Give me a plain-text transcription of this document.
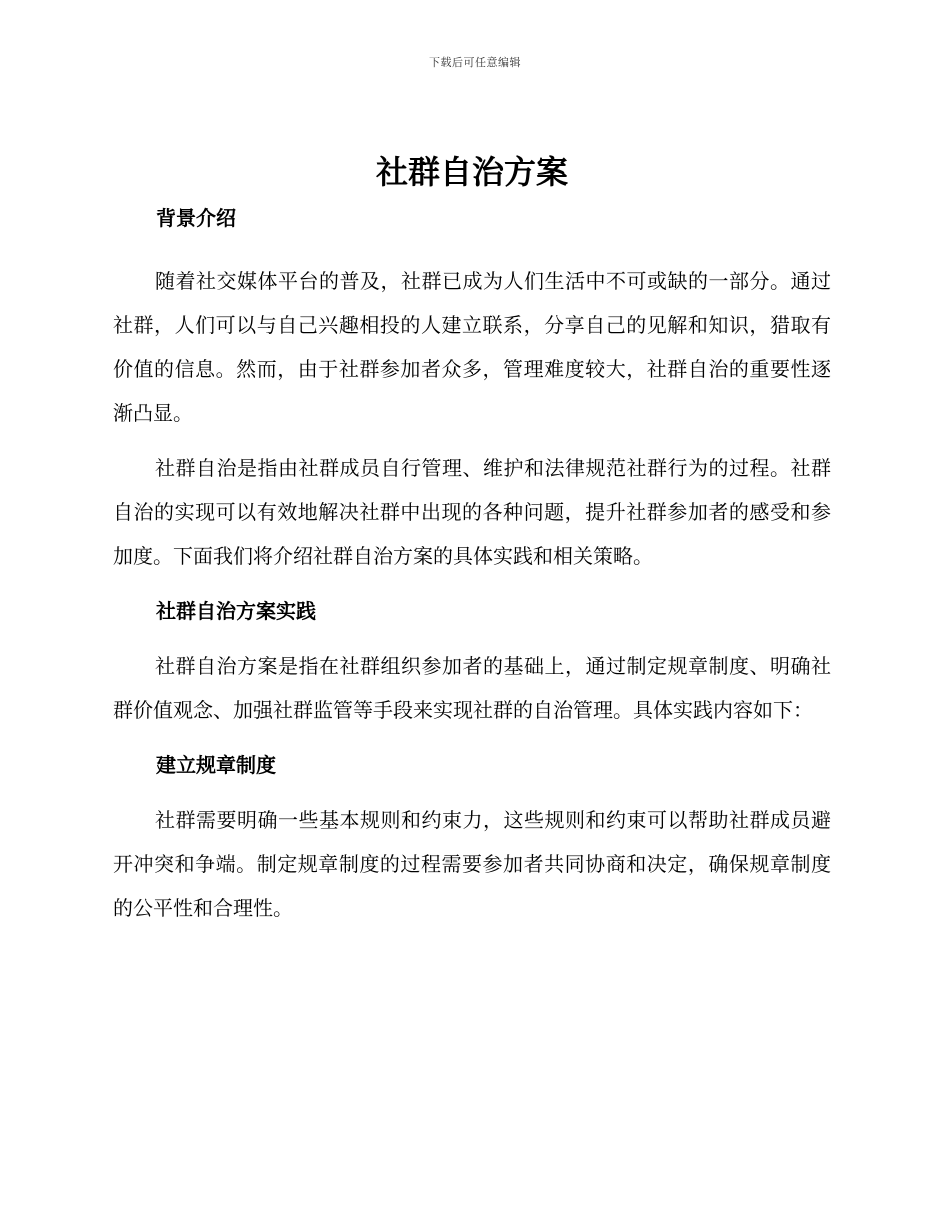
下载后可任意编辑
社群自治方案
背景介绍

随着社交媒体平台的普及，社群已成为人们生活中不可或缺的一部分。通过社群，人们可以与自己兴趣相投的人建立联系，分享自己的见解和知识，猎取有价值的信息。然而，由于社群参加者众多，管理难度较大，社群自治的重要性逐渐凸显。

社群自治是指由社群成员自行管理、维护和法律规范社群行为的过程。社群自治的实现可以有效地解决社群中出现的各种问题，提升社群参加者的感受和参加度。下面我们将介绍社群自治方案的具体实践和相关策略。

社群自治方案实践

社群自治方案是指在社群组织参加者的基础上，通过制定规章制度、明确社群价值观念、加强社群监管等手段来实现社群的自治管理。具体实践内容如下：

建立规章制度

社群需要明确一些基本规则和约束力，这些规则和约束可以帮助社群成员避开冲突和争端。制定规章制度的过程需要参加者共同协商和决定，确保规章制度的公平性和合理性。
